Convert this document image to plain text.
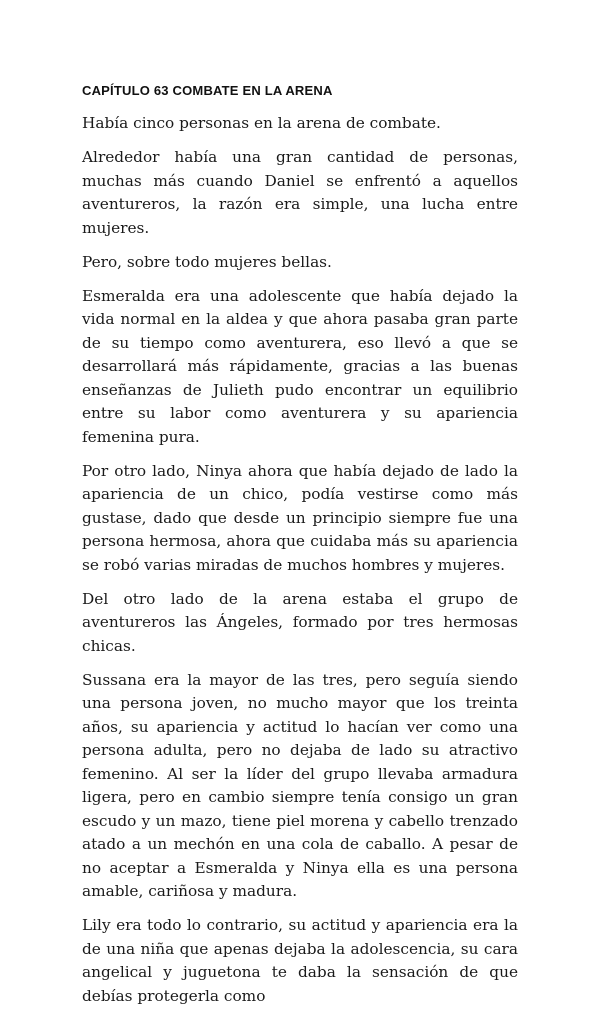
CAPÍTULO 63 COMBATE EN LA ARENA

Había cinco personas en la arena de combate.

Alrededor había una gran cantidad de personas, muchas más cuando Daniel se enfrentó a aquellos aventureros, la razón era simple, una lucha entre mujeres.

Pero, sobre todo mujeres bellas.

Esmeralda era una adolescente que había dejado la vida normal en la aldea y que ahora pasaba gran parte de su tiempo como aventurera, eso llevó a que se desarrollará más rápidamente, gracias a las buenas enseñanzas de Julieth pudo encontrar un equilibrio entre su labor como aventurera y su apariencia femenina pura.

Por otro lado, Ninya ahora que había dejado de lado la apariencia de un chico, podía vestirse como más gustase, dado que desde un principio siempre fue una persona hermosa, ahora que cuidaba más su apariencia se robó varias miradas de muchos hombres y mujeres.

Del otro lado de la arena estaba el grupo de aventureros las Ángeles, formado por tres hermosas chicas.

Sussana era la mayor de las tres, pero seguía siendo una persona joven, no mucho mayor que los treinta años, su apariencia y actitud lo hacían ver como una persona adulta, pero no dejaba de lado su atractivo femenino. Al ser la líder del grupo llevaba armadura ligera, pero en cambio siempre tenía consigo un gran escudo y un mazo, tiene piel morena y cabello trenzado atado a un mechón en una cola de caballo. A pesar de no aceptar a Esmeralda y Ninya ella es una persona amable, cariñosa y madura.

Lily era todo lo contrario, su actitud y apariencia era la de una niña que apenas dejaba la adolescencia, su cara angelical y juguetona te daba la sensación de que debías protegerla como
